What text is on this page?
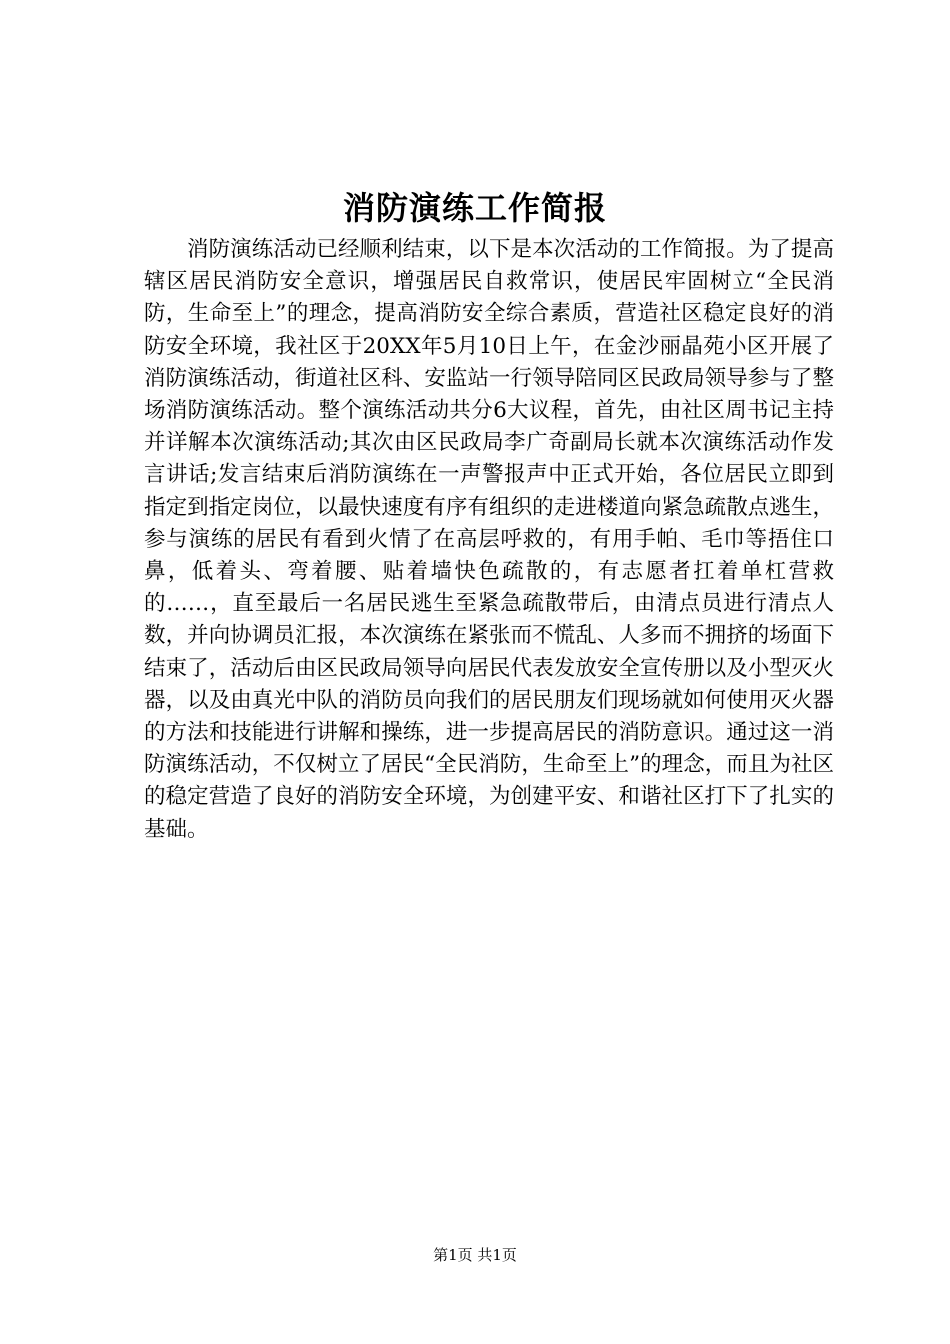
消防演练工作简报

消防演练活动已经顺利结束，以下是本次活动的工作简报。为了提高辖区居民消防安全意识，增强居民自救常识，使居民牢固树立“全民消防，生命至上”的理念，提高消防安全综合素质，营造社区稳定良好的消防安全环境，我社区于20XX年5月10日上午，在金沙丽晶苑小区开展了消防演练活动，街道社区科、安监站一行领导陪同区民政局领导参与了整场消防演练活动。整个演练活动共分6大议程，首先，由社区周书记主持并详解本次演练活动;其次由区民政局李广奇副局长就本次演练活动作发言讲话;发言结束后消防演练在一声警报声中正式开始，各位居民立即到指定到指定岗位，以最快速度有序有组织的走进楼道向紧急疏散点逃生，参与演练的居民有看到火情了在高层呼救的，有用手帕、毛巾等捂住口鼻，低着头、弯着腰、贴着墙快色疏散的，有志愿者扛着单杠营救的……，直至最后一名居民逃生至紧急疏散带后，由清点员进行清点人数，并向协调员汇报，本次演练在紧张而不慌乱、人多而不拥挤的场面下结束了，活动后由区民政局领导向居民代表发放安全宣传册以及小型灭火器，以及由真光中队的消防员向我们的居民朋友们现场就如何使用灭火器的方法和技能进行讲解和操练，进一步提高居民的消防意识。通过这一消防演练活动，不仅树立了居民“全民消防，生命至上”的理念，而且为社区的稳定营造了良好的消防安全环境，为创建平安、和谐社区打下了扎实的基础。

第1页 共1页
